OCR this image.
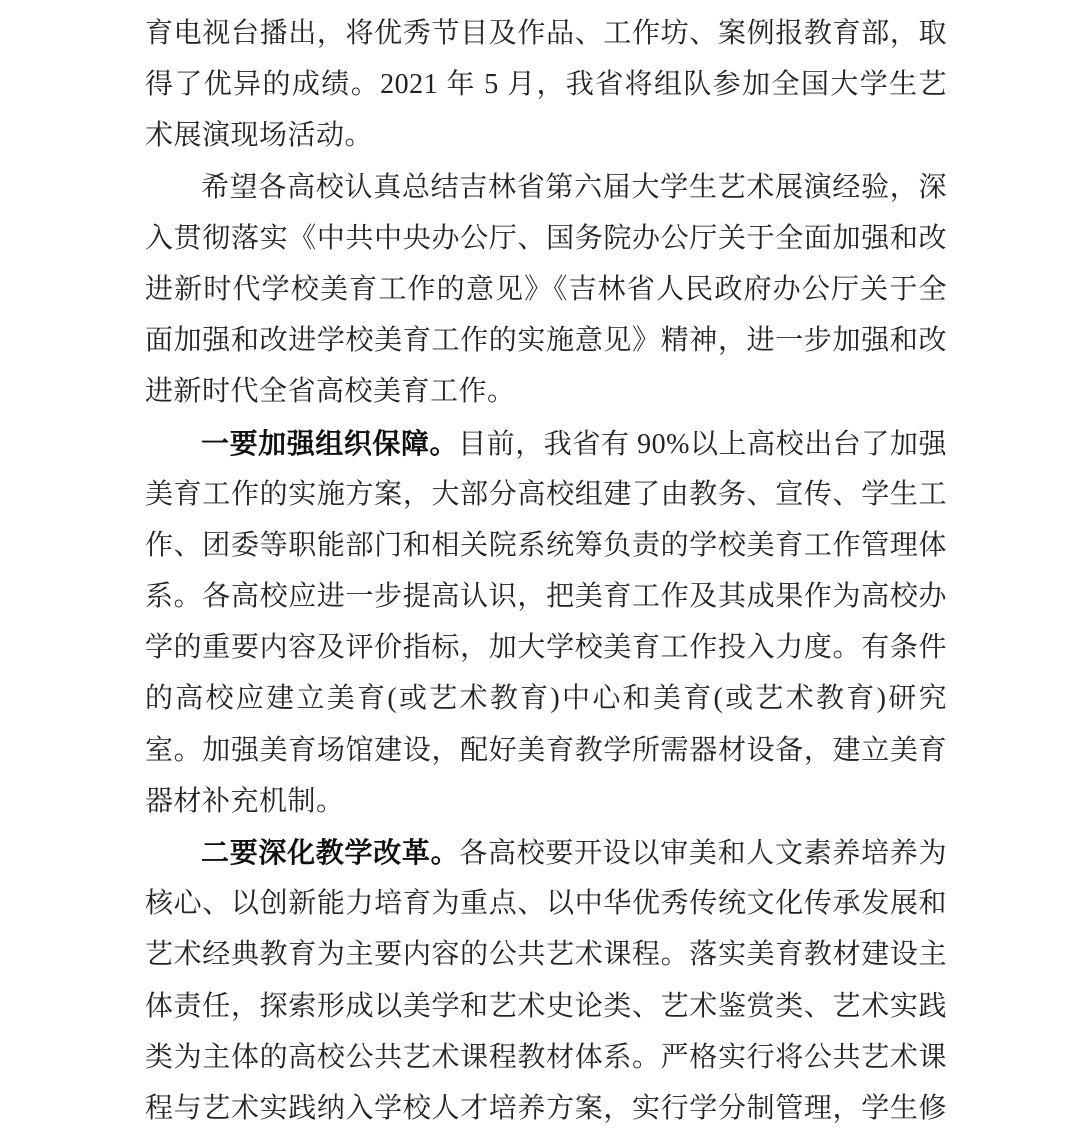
育电视台播出，将优秀节目及作品、工作坊、案例报教育部，取
得了优异的成绩。2021 年 5 月，我省将组队参加全国大学生艺
术展演现场活动。
希望各高校认真总结吉林省第六届大学生艺术展演经验，深
入贯彻落实《中共中央办公厅、国务院办公厅关于全面加强和改
进新时代学校美育工作的意见》《吉林省人民政府办公厅关于全
面加强和改进学校美育工作的实施意见》精神，进一步加强和改
进新时代全省高校美育工作。
一要加强组织保障。目前，我省有 90%以上高校出台了加强
美育工作的实施方案，大部分高校组建了由教务、宣传、学生工
作、团委等职能部门和相关院系统筹负责的学校美育工作管理体
系。各高校应进一步提高认识，把美育工作及其成果作为高校办
学的重要内容及评价指标，加大学校美育工作投入力度。有条件
的高校应建立美育(或艺术教育)中心和美育(或艺术教育)研究
室。加强美育场馆建设，配好美育教学所需器材设备，建立美育
器材补充机制。
二要深化教学改革。各高校要开设以审美和人文素养培养为
核心、以创新能力培育为重点、以中华优秀传统文化传承发展和
艺术经典教育为主要内容的公共艺术课程。落实美育教材建设主
体责任，探索形成以美学和艺术史论类、艺术鉴赏类、艺术实践
类为主体的高校公共艺术课程教材体系。严格实行将公共艺术课
程与艺术实践纳入学校人才培养方案，实行学分制管理，学生修
